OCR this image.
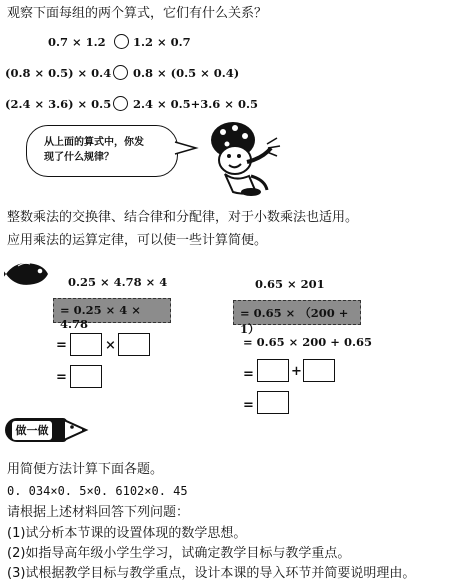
观察下面每组的两个算式，它们有什么关系？
0.7 × 1.2 1.2 × 0.7
(0.8 × 0.5) × 0.4 0.8 × (0.5 × 0.4)
(2.4 × 3.6) × 0.5 2.4 × 0.5+3.6 × 0.5
从上面的算式中，你发
现了什么规律？
整数乘法的交换律、结合律和分配律，对于小数乘法也适用。
应用乘法的运算定律，可以使一些计算简便。
0.25 × 4.78 × 4
= 0.25 × 4 × 4.78
=	×
=
0.65 × 201
= 0.65 × （200 + 1）
= 0.65 × 200 + 0.65
=	+
=
做一做
用简便方法计算下面各题。
0. 034×0. 5×0. 6102×0. 45
请根据上述材料回答下列问题：
(1)试分析本节课的设置体现的数学思想。
(2)如指导高年级小学生学习，试确定教学目标与教学重点。
(3)试根据教学目标与教学重点，设计本课的导入环节并简要说明理由。
